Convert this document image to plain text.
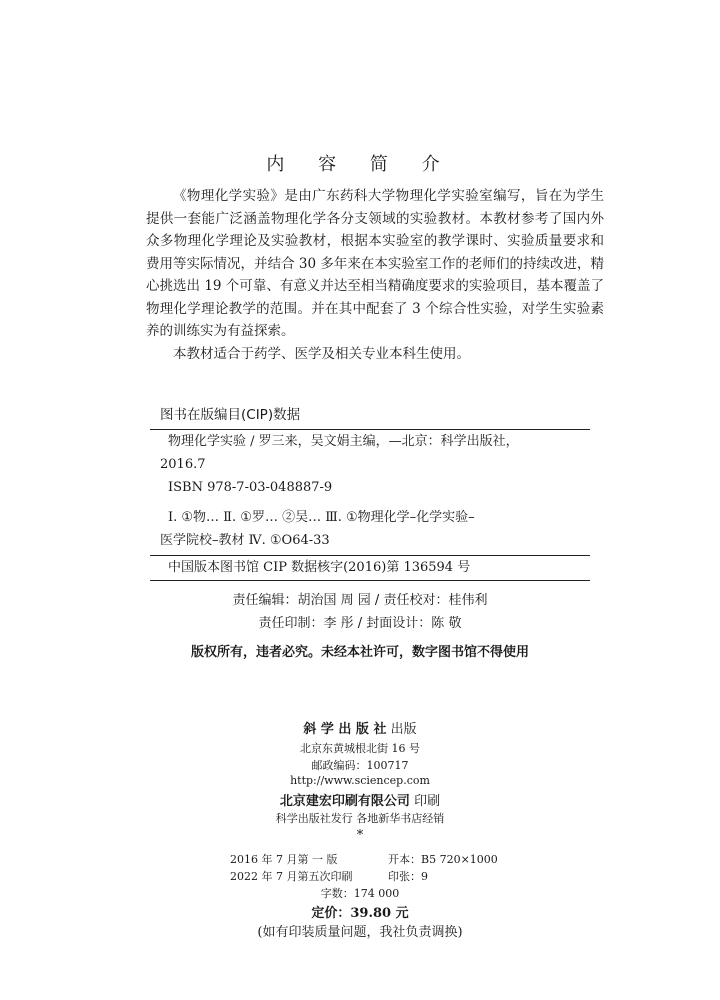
内 容 简 介

《物理化学实验》是由广东药科大学物理化学实验室编写，旨在为学生提供一套能广泛涵盖物理化学各分支领域的实验教材。本教材参考了国内外众多物理化学理论及实验教材，根据本实验室的教学课时、实验质量要求和费用等实际情况，并结合 30 多年来在本实验室工作的老师们的持续改进，精心挑选出 19 个可靠、有意义并达至相当精确度要求的实验项目，基本覆盖了物理化学理论教学的范围。并在其中配套了 3 个综合性实验，对学生实验素养的训练实为有益探索。

本教材适合于药学、医学及相关专业本科生使用。

图书在版编目(CIP)数据
物理化学实验 / 罗三来，吴文娟主编，—北京：科学出版社，
2016.7
ISBN 978-7-03-048887-9
Ⅰ. ①物… Ⅱ. ①罗… ②吴… Ⅲ. ①物理化学–化学实验–
医学院校–教材 Ⅳ. ①O64-33
中国版本图书馆 CIP 数据核字(2016)第 136594 号
责任编辑：胡治国 周 园 / 责任校对：桂伟利
责任印制：李 彤 / 封面设计：陈 敬
版权所有，违者必究。未经本社许可，数字图书馆不得使用
斜 学 出 版 社 出版
北京东黄城根北街 16 号
邮政编码：100717
http://www.sciencep.com
北京建宏印刷有限公司 印刷
科学出版社发行 各地新华书店经销
*
2016 年 7 月第 一 版	开本：B5 720×1000
2022 年 7 月第五次印刷	印张：9
字数：174 000
定价：39.80 元
(如有印装质量问题，我社负责调换)
